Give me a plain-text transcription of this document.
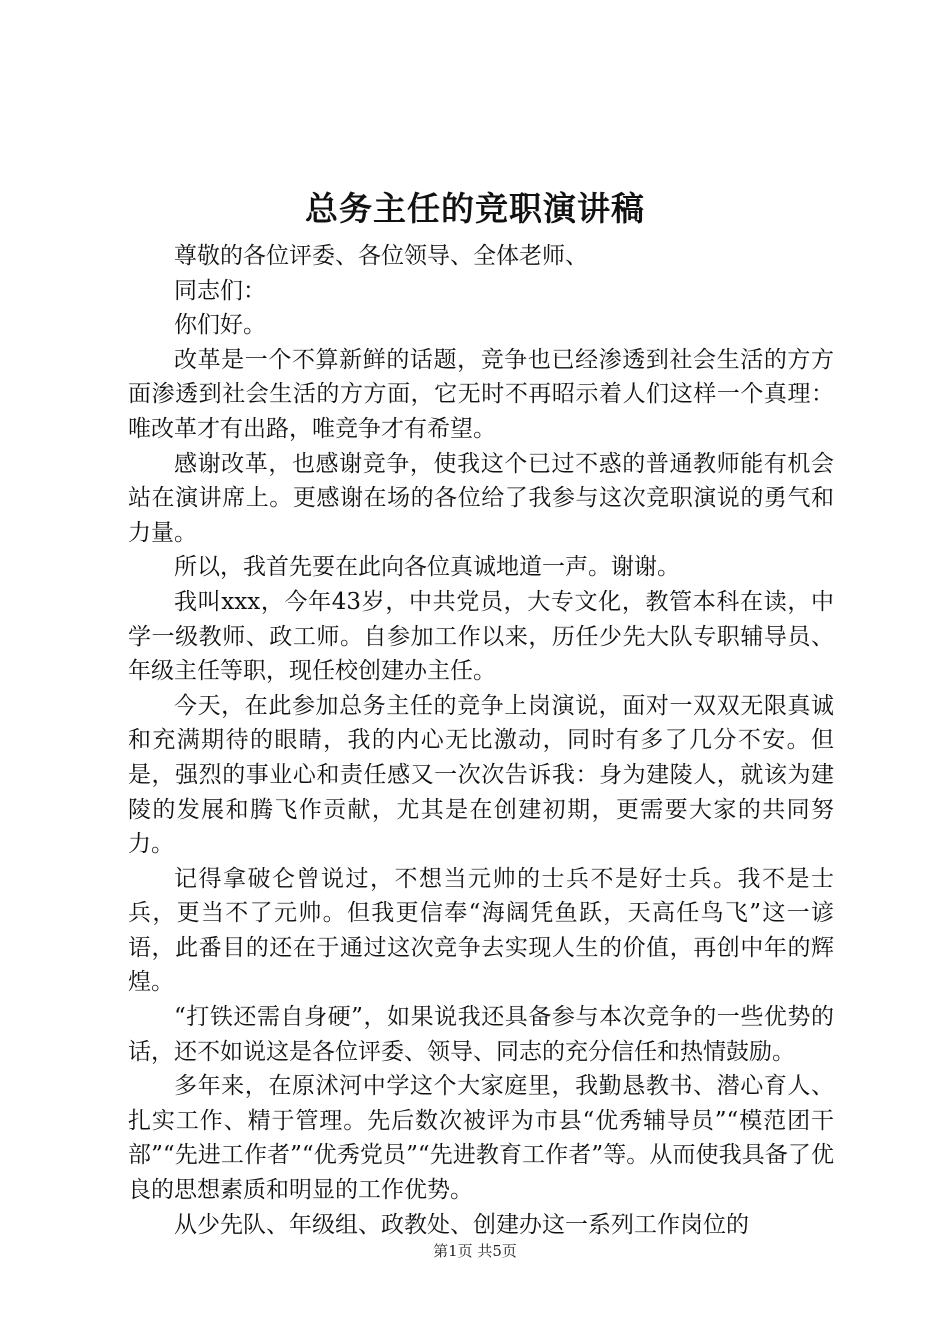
总务主任的竞职演讲稿

尊敬的各位评委、各位领导、全体老师、

同志们：

你们好。

改革是一个不算新鲜的话题，竞争也已经渗透到社会生活的方方面渗透到社会生活的方方面，它无时不再昭示着人们这样一个真理：唯改革才有出路，唯竞争才有希望。

感谢改革，也感谢竞争，使我这个已过不惑的普通教师能有机会站在演讲席上。更感谢在场的各位给了我参与这次竞职演说的勇气和力量。

所以，我首先要在此向各位真诚地道一声。谢谢。

我叫xxx，今年43岁，中共党员，大专文化，教管本科在读，中学一级教师、政工师。自参加工作以来，历任少先大队专职辅导员、年级主任等职，现任校创建办主任。

今天，在此参加总务主任的竞争上岗演说，面对一双双无限真诚和充满期待的眼睛，我的内心无比激动，同时有多了几分不安。但是，强烈的事业心和责任感又一次次告诉我：身为建陵人，就该为建陵的发展和腾飞作贡献，尤其是在创建初期，更需要大家的共同努力。

记得拿破仑曾说过，不想当元帅的士兵不是好士兵。我不是士兵，更当不了元帅。但我更信奉“海阔凭鱼跃，天高任鸟飞”这一谚语，此番目的还在于通过这次竞争去实现人生的价值，再创中年的辉煌。

“打铁还需自身硬”，如果说我还具备参与本次竞争的一些优势的话，还不如说这是各位评委、领导、同志的充分信任和热情鼓励。

多年来，在原沭河中学这个大家庭里，我勤恳教书、潜心育人、扎实工作、精于管理。先后数次被评为市县“优秀辅导员”“模范团干部”“先进工作者”“优秀党员”“先进教育工作者”等。从而使我具备了优良的思想素质和明显的工作优势。

从少先队、年级组、政教处、创建办这一系列工作岗位的

第1页 共5页
